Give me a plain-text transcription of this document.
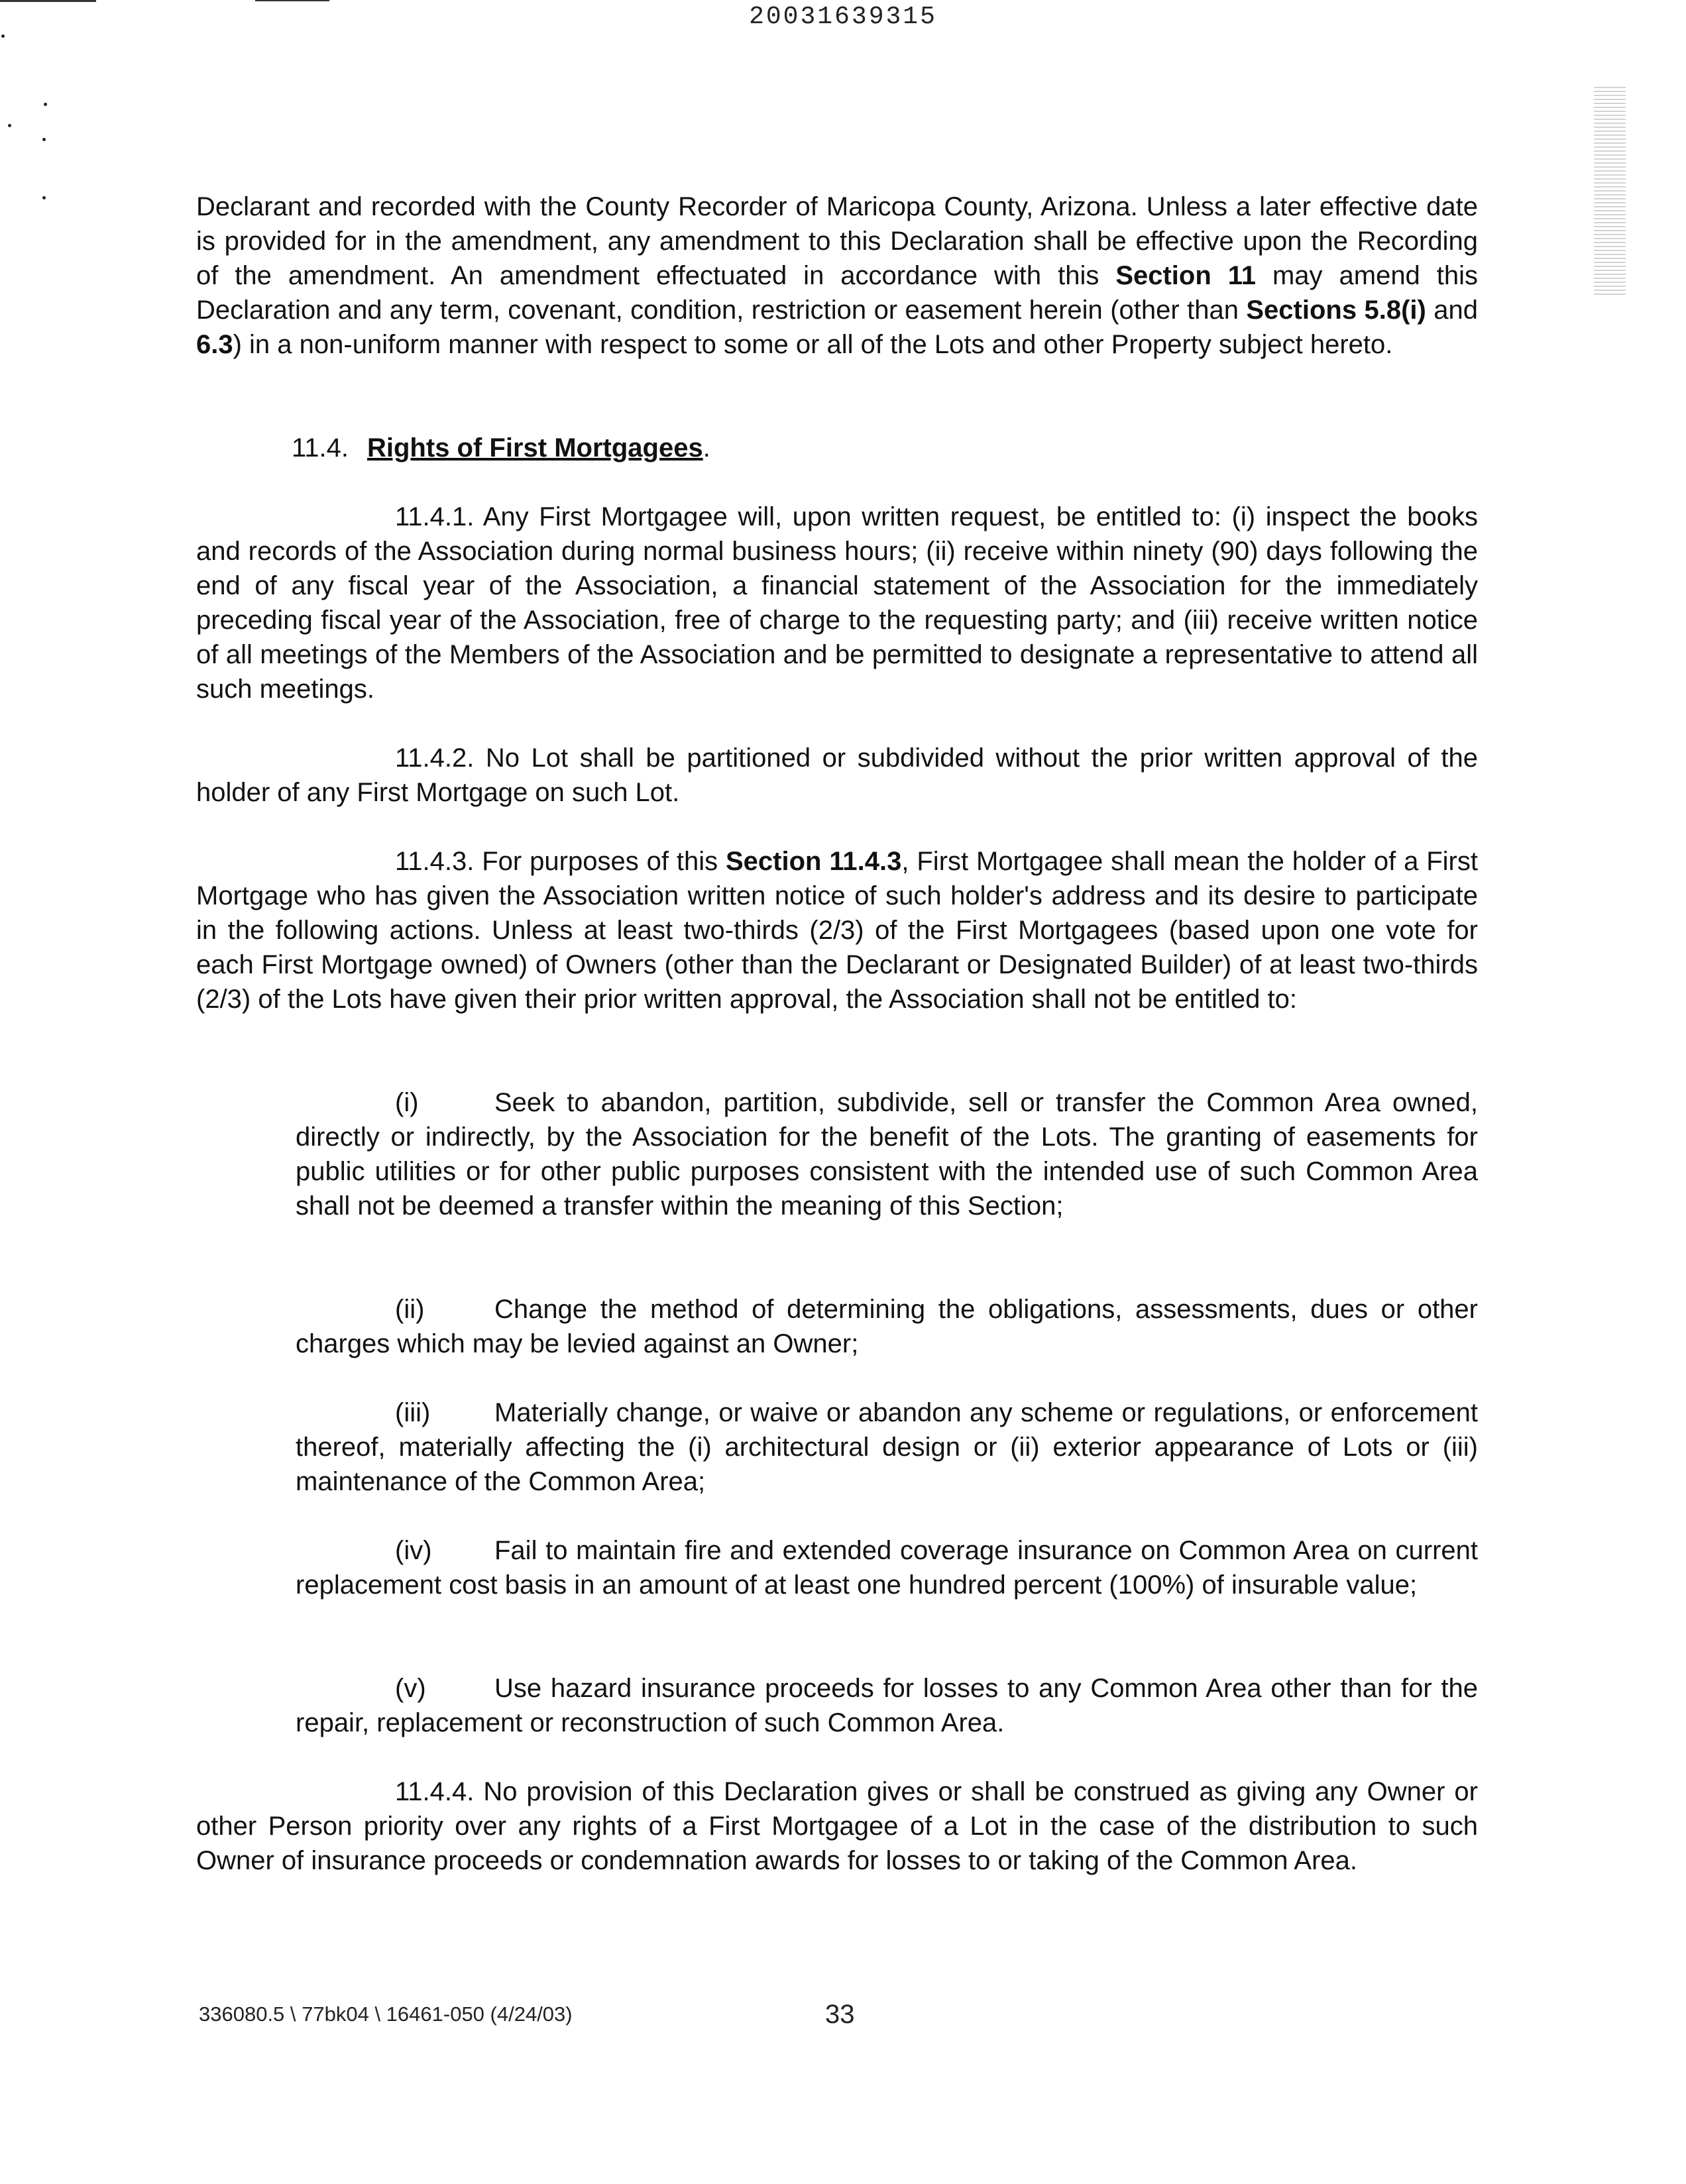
20031639315

Declarant and recorded with the County Recorder of Maricopa County, Arizona. Unless a later effective date is provided for in the amendment, any amendment to this Declaration shall be effective upon the Recording of the amendment. An amendment effectuated in accordance with this Section 11 may amend this Declaration and any term, covenant, condition, restriction or easement herein (other than Sections 5.8(i) and 6.3) in a non-uniform manner with respect to some or all of the Lots and other Property subject hereto.

11.4. Rights of First Mortgagees.

11.4.1. Any First Mortgagee will, upon written request, be entitled to: (i) inspect the books and records of the Association during normal business hours; (ii) receive within ninety (90) days following the end of any fiscal year of the Association, a financial statement of the Association for the immediately preceding fiscal year of the Association, free of charge to the requesting party; and (iii) receive written notice of all meetings of the Members of the Association and be permitted to designate a representative to attend all such meetings.

11.4.2. No Lot shall be partitioned or subdivided without the prior written approval of the holder of any First Mortgage on such Lot.

11.4.3. For purposes of this Section 11.4.3, First Mortgagee shall mean the holder of a First Mortgage who has given the Association written notice of such holder's address and its desire to participate in the following actions. Unless at least two-thirds (2/3) of the First Mortgagees (based upon one vote for each First Mortgage owned) of Owners (other than the Declarant or Designated Builder) of at least two-thirds (2/3) of the Lots have given their prior written approval, the Association shall not be entitled to:

(i)	Seek to abandon, partition, subdivide, sell or transfer the Common Area owned, directly or indirectly, by the Association for the benefit of the Lots. The granting of easements for public utilities or for other public purposes consistent with the intended use of such Common Area shall not be deemed a transfer within the meaning of this Section;

(ii)	Change the method of determining the obligations, assessments, dues or other charges which may be levied against an Owner;

(iii) Materially change, or waive or abandon any scheme or regulations, or enforcement thereof, materially affecting the (i) architectural design or (ii) exterior appearance of Lots or (iii) maintenance of the Common Area;

(iv) Fail to maintain fire and extended coverage insurance on Common Area on current replacement cost basis in an amount of at least one hundred percent (100%) of insurable value;

(v)	Use hazard insurance proceeds for losses to any Common Area other than for the repair, replacement or reconstruction of such Common Area.

11.4.4. No provision of this Declaration gives or shall be construed as giving any Owner or other Person priority over any rights of a First Mortgagee of a Lot in the case of the distribution to such Owner of insurance proceeds or condemnation awards for losses to or taking of the Common Area.

336080.5 \ 77bk04 \ 16461-050 (4/24/03)	33
